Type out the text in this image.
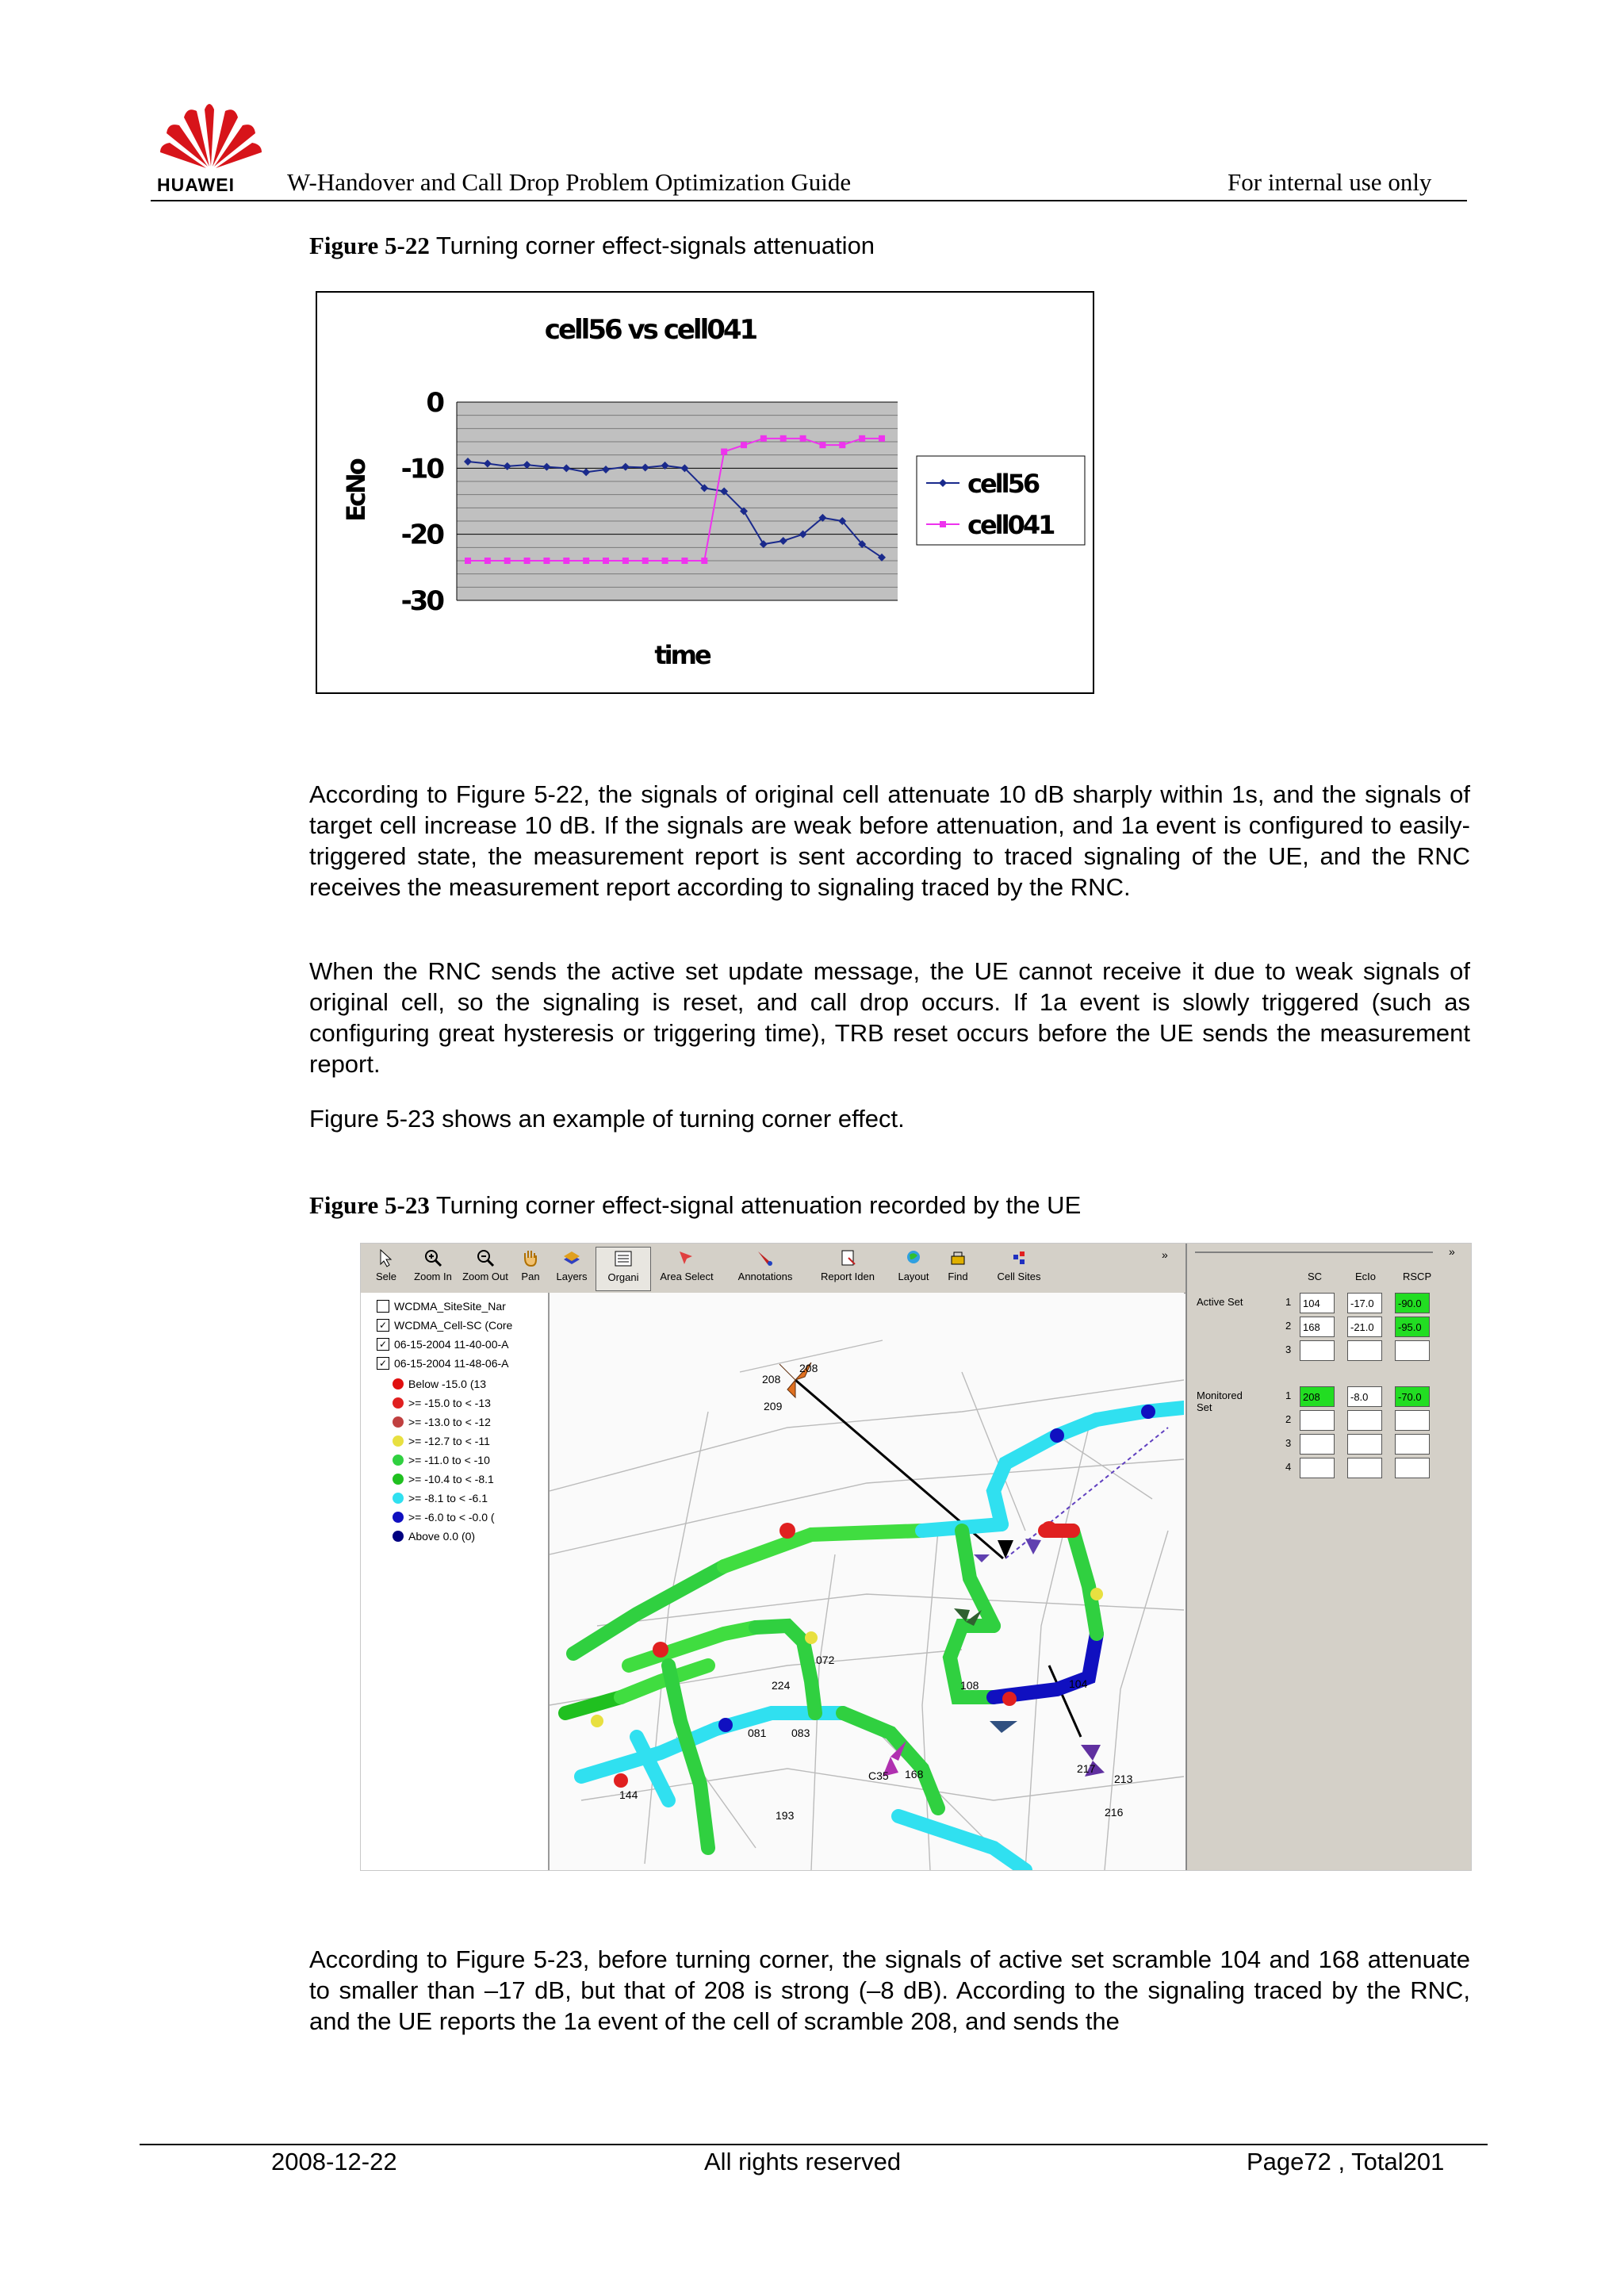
HUAWEI W-Handover and Call Drop Problem Optimization Guide	For internal use only
Figure 5-22 Turning corner effect-signals attenuation
cell56 vs cell041
EcNo
time
0
-10
-20
-30
cell56
cell041
According to Figure 5-22, the signals of original cell attenuate 10 dB sharply within 1s, and the signals of target cell increase 10 dB. If the signals are weak before attenuation, and 1a event is configured to easily-triggered state, the measurement report is sent according to traced signaling of the UE, and the RNC receives the measurement report according to signaling traced by the RNC.
When the RNC sends the active set update message, the UE cannot receive it due to weak signals of original cell, so the signaling is reset, and call drop occurs. If 1a event is slowly triggered (such as configuring great hysteresis or triggering time), TRB reset occurs before the UE sends the measurement report.
Figure 5-23 shows an example of turning corner effect.
Figure 5-23 Turning corner effect-signal attenuation recorded by the UE
Sele	Zoom In	Zoom Out	Pan	Layers	Organi	Area Select	Annotations	Report Iden	Layout	Find	Cell Sites
»
WCDMA_SiteSite_Nar
✓ WCDMA_Cell-SC (Core
✓ 06-15-2004 11-40-00-A
✓ 06-15-2004 11-48-06-A
Below -15.0 (13
>= -15.0 to < -13
>= -13.0 to < -12
>= -12.7 to < -11
>= -11.0 to < -10
>= -10.4 to < -8.1
>= -8.1 to < -6.1
>= -6.0 to < -0.0 (
Above 0.0 (0)
208
208
209
072
224
081 083
104
108
C35 168
144
217
213
216
193
»
SC	EcIo	RSCP
Active Set
Monitored Set
1	104	-17.0	-90.0
2	168	-21.0	-95.0
3
1	208	-8.0	-70.0
2
3
4
According to Figure 5-23, before turning corner, the signals of active set scramble 104 and 168 attenuate to smaller than –17 dB, but that of 208 is strong (–8 dB). According to the signaling traced by the RNC, and the UE reports the 1a event of the cell of scramble 208, and sends the
2008-12-22	All rights reserved	Page72 , Total201
